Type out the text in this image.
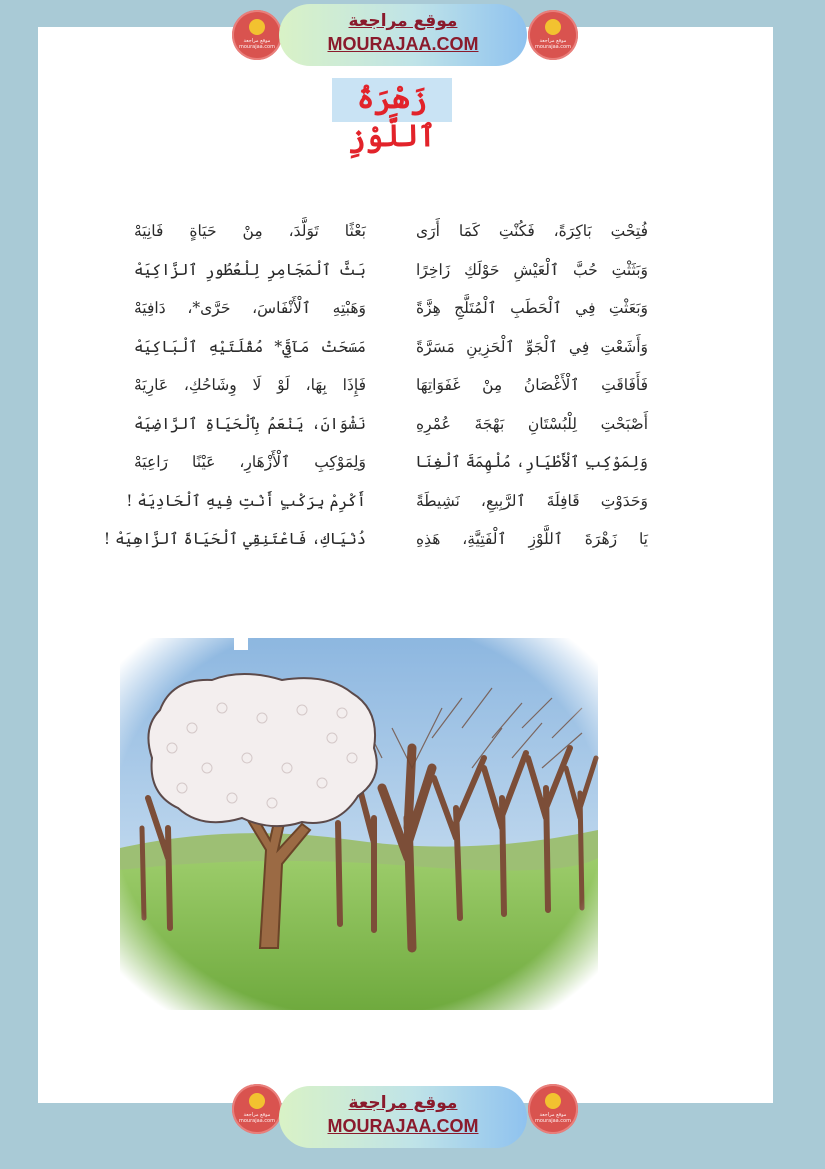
موقع مراجعة mourajaa.com
موقع مراجعة
MOURAJAA.COM	موقع مراجعة mourajaa.com
زَهْرَةُ ٱللَّوْزِ
فُتِحْتِ بَاكِرَةً، فَكُنْتِ كَمَا أَرَى
وَبَثَثْتِ حُبَّ ٱلْعَيْشِ حَوْلَكِ زَاخِرًا
وَبَعَثْتِ فِي ٱلْحَطَبِ ٱلْمُتَلَّجِ هِزَّةً
وَأَشَعْتِ فِي ٱلْجَوِّ ٱلْحَزِينِ مَسَرَّةً
فَأَفَاقَتِ ٱلْأَغْصَانُ مِنْ غَفَوَاتِهَا
أَصْبَحْتِ لِلْبُسْتَانِ بَهْجَةَ عُمْرِهِ
وَلِمَوْكِبِ ٱلْأَطْيَارِ، مُلْهِمَةَ ٱلْغِنَا
وَحَدَوْتِ قَافِلَةَ ٱلرَّبِيعِ، نَشِيطَةً
يَا زَهْرَةَ ٱللَّوْزِ ٱلْفَتِيَّةِ، هَذِهِ
بَعْثًا تَوَلَّدَ، مِنْ حَيَاةٍ فَانِيَهْ
بَثَّ ٱلْمَجَامِرِ لِلْعُطُورِ ٱلزَّاكِيَهْ
وَهَبْتِهِ ٱلْأَنْفَاسَ، حَرَّى*، دَافِيَهْ
مَسَحَتْ مَآقِيَ* مُقْلَتَيْهِ ٱلْبَاكِيَهْ
فَإِذَا بِهَا، لَوْ لَا وِشَاحُكِ، عَارِيَهْ
نَشْوَانَ، يَنْعَمُ بِٱلْحَيَاةِ ٱلرَّاضِيَهْ
وَلِمَوْكِبِ ٱلْأَزْهَارِ، عَيْنًا رَاعِيَهْ
أَكْرِمْ بِرَكْبٍ أَنْتِ فِيهِ ٱلْحَادِيَهْ !
دُنْيَاكِ، فَاعْتَنِقِي ٱلْحَيَاةَ ٱلزَّاهِيَهْ !
موقع مراجعة mourajaa.com
موقع مراجعة
MOURAJAA.COM
موقع مراجعة mourajaa.com
